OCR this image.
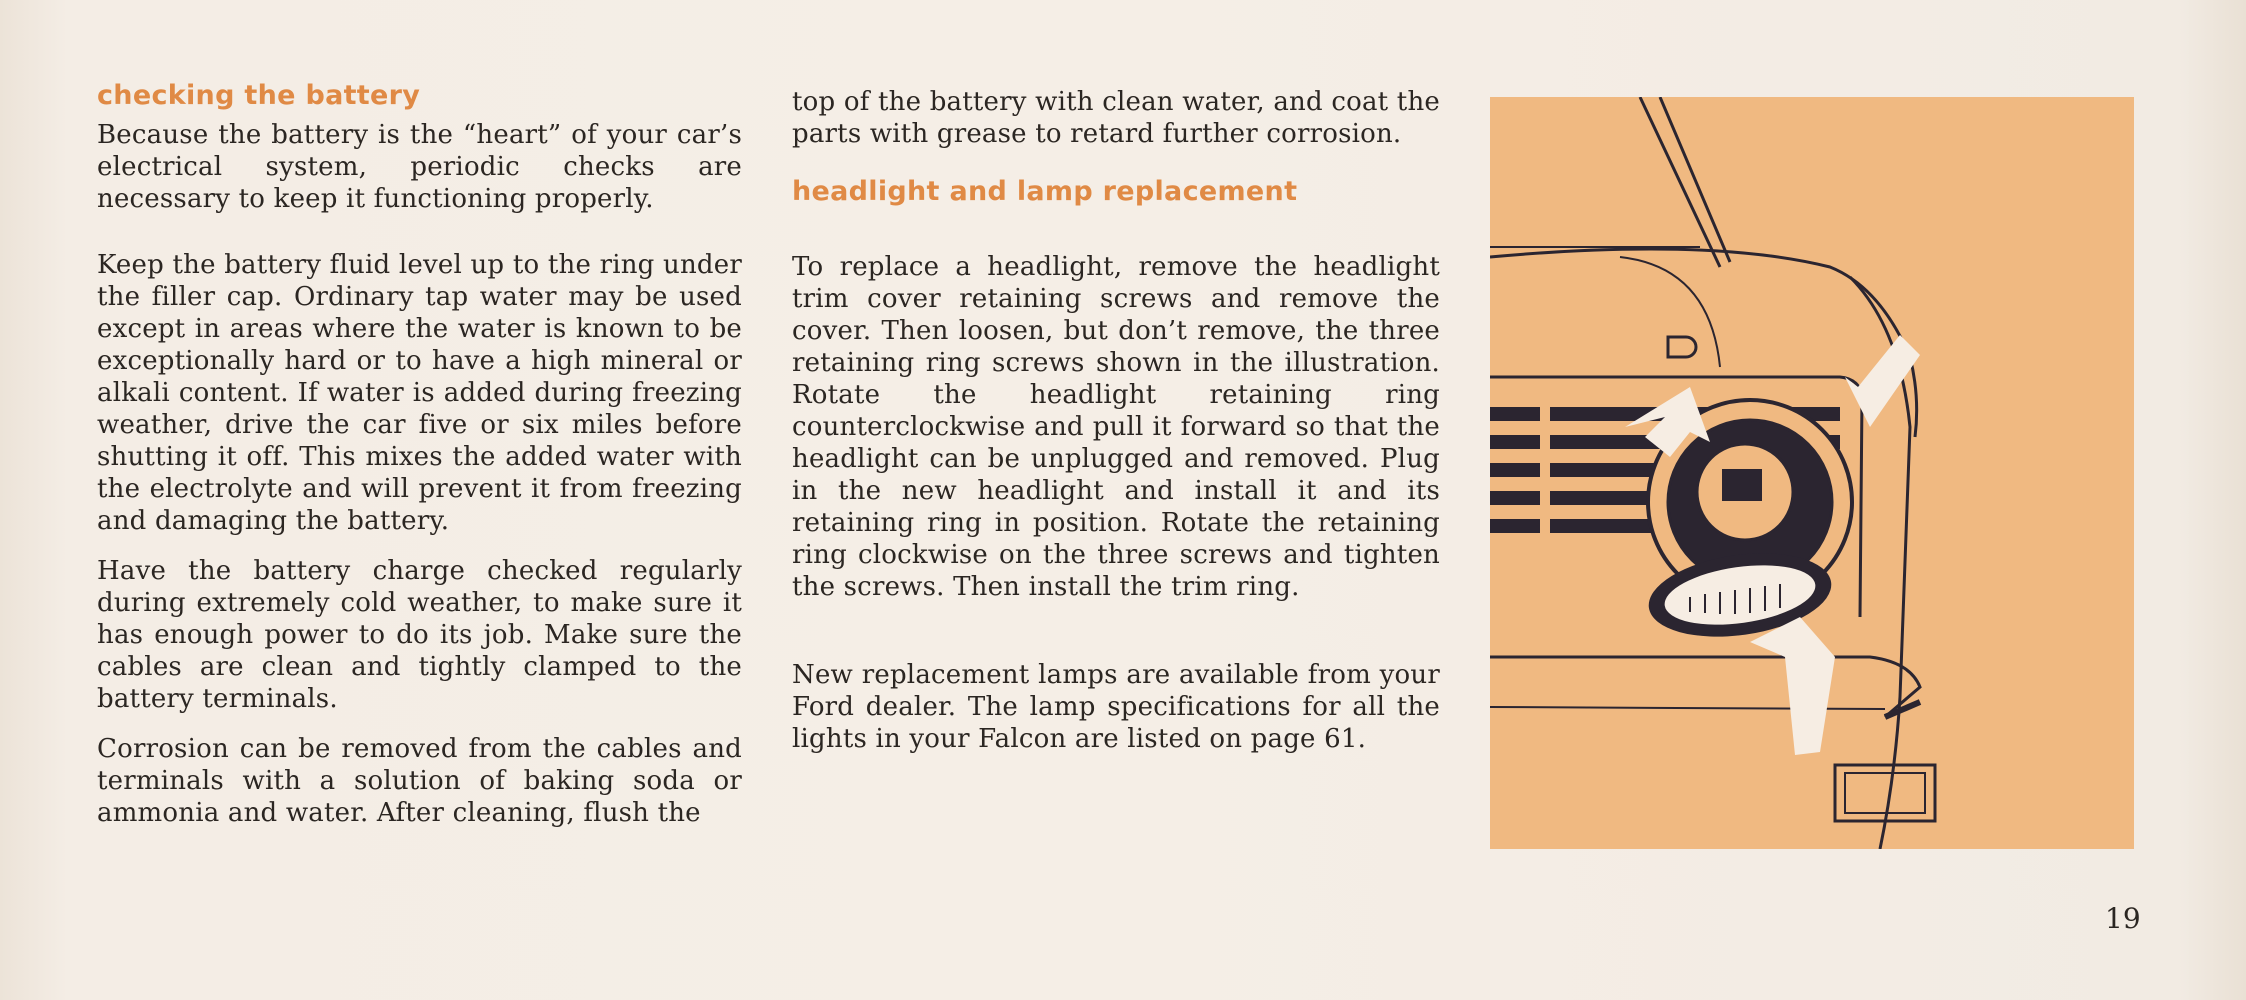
checking the battery

Because the battery is the “heart” of your car’s electrical system, periodic checks are necessary to keep it functioning properly.

Keep the battery fluid level up to the ring under the filler cap. Ordinary tap water may be used except in areas where the water is known to be exceptionally hard or to have a high mineral or alkali content. If water is added during freezing weather, drive the car five or six miles before shutting it off. This mixes the added water with the electrolyte and will prevent it from freezing and damaging the battery.

Have the battery charge checked regularly during extremely cold weather, to make sure it has enough power to do its job. Make sure the cables are clean and tightly clamped to the battery terminals.

Corrosion can be removed from the cables and terminals with a solution of baking soda or ammonia and water. After cleaning, flush the

top of the battery with clean water, and coat the parts with grease to retard further corrosion.

headlight and lamp replacement

To replace a headlight, remove the headlight trim cover retaining screws and remove the cover. Then loosen, but don’t remove, the three retaining ring screws shown in the illustration. Rotate the headlight retaining ring counterclockwise and pull it forward so that the headlight can be unplugged and removed. Plug in the new headlight and install it and its retaining ring in position. Rotate the retaining ring clockwise on the three screws and tighten the screws. Then install the trim ring.

New replacement lamps are available from your Ford dealer. The lamp specifications for all the lights in your Falcon are listed on page 61.

19
